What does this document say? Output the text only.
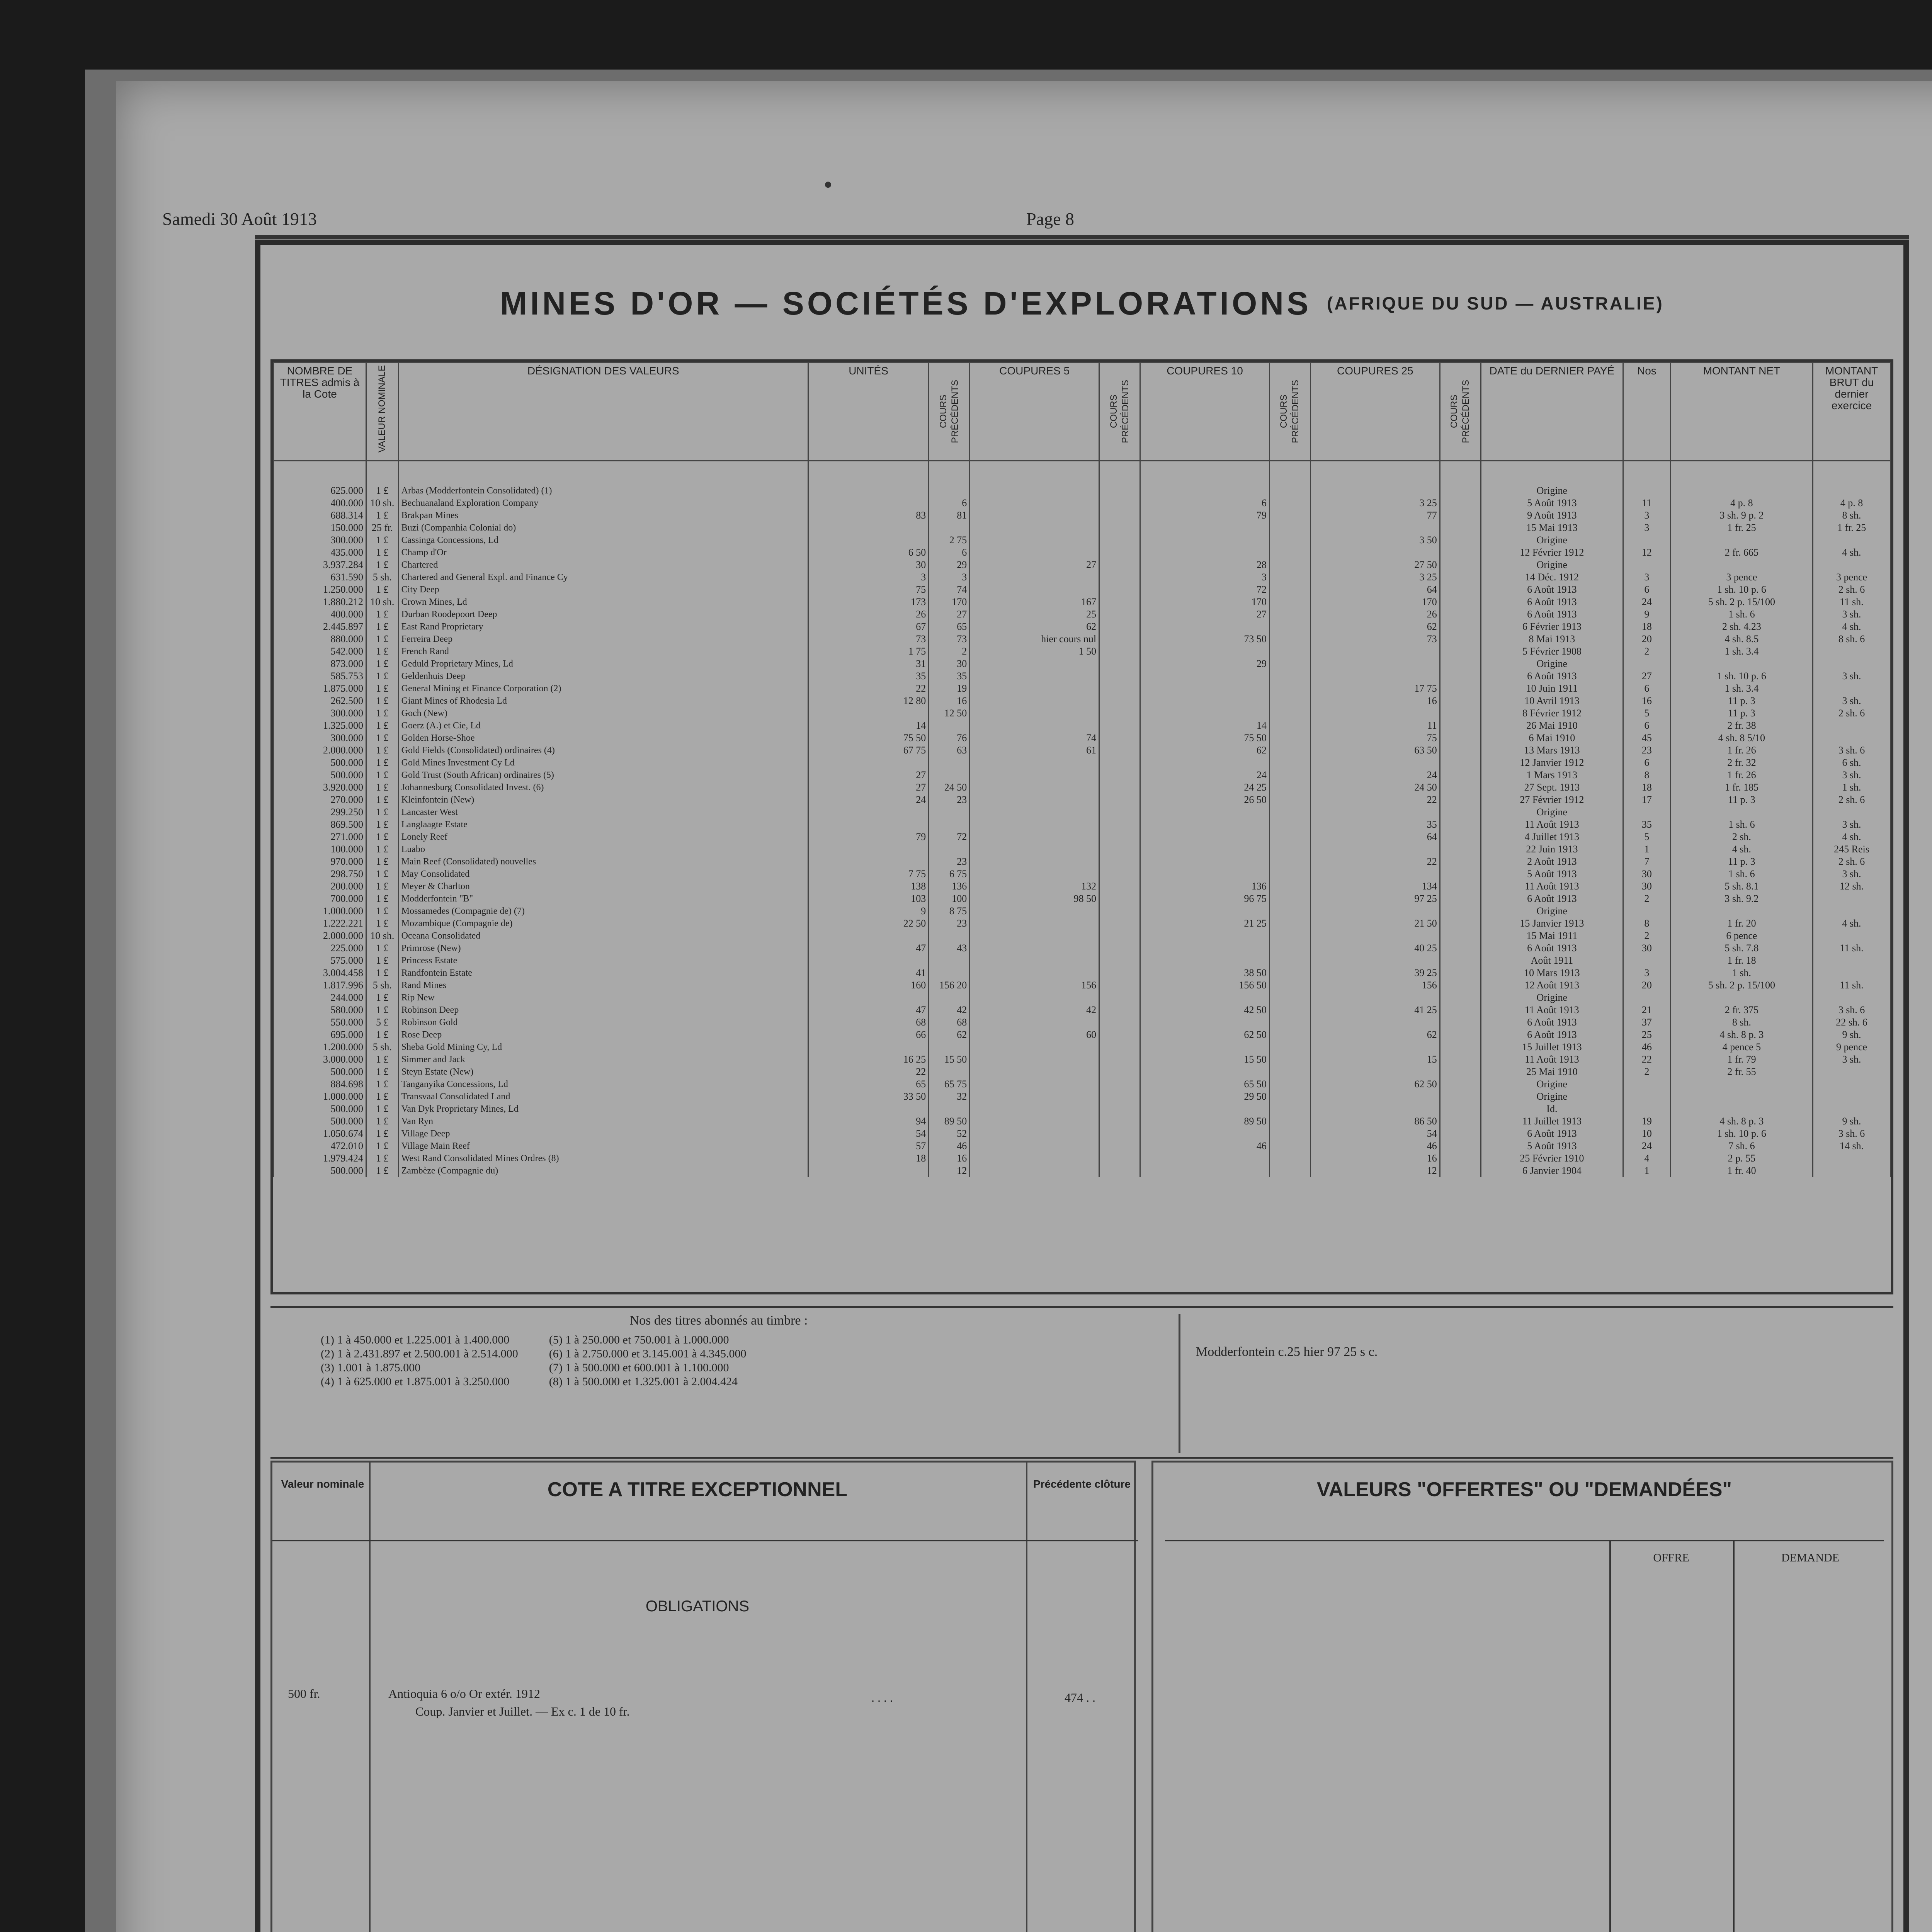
Samedi 30 Août 1913	Page 8
MINES D'OR — SOCIÉTÉS D'EXPLORATIONS (AFRIQUE DU SUD — AUSTRALIE)
NOMBRE DE TITRES admis à la Cote	VALEUR NOMINALE	DÉSIGNATION DES VALEURS	UNITÉS	COURS PRÉCÉDENTS	COUPURES 5	COURS PRÉCÉDENTS	COUPURES 10	COURS PRÉCÉDENTS	COUPURES 25	COURS PRÉCÉDENTS	DATE du DERNIER PAYÉ	Nos	MONTANT NET	MONTANT BRUT du dernier exercice
625.000	1 £	Arbas (Modderfontein Consolidated) (1)									Origine			
400.000	10 sh.	Bechuanaland Exploration Company		6			6		3 25		5 Août 1913	11	4 p. 8	4 p. 8
688.314	1 £	Brakpan Mines	83	81			79		77		9 Août 1913	3	3 sh. 9 p. 2	8 sh.
150.000	25 fr.	Buzi (Companhia Colonial do)									15 Mai 1913	3	1 fr. 25	1 fr. 25
300.000	1 £	Cassinga Concessions, Ld		2 75					3 50		Origine			
435.000	1 £	Champ d'Or	6 50	6							12 Février 1912	12	2 fr. 665	4 sh.
3.937.284	1 £	Chartered	30	29	27		28		27 50		Origine			
631.590	5 sh.	Chartered and General Expl. and Finance Cy	3	3			3		3 25		14 Déc. 1912	3	3 pence	3 pence
1.250.000	1 £	City Deep	75	74			72		64		6 Août 1913	6	1 sh. 10 p. 6	2 sh. 6
1.880.212	10 sh.	Crown Mines, Ld	173	170	167		170		170		6 Août 1913	24	5 sh. 2 p. 15/100	11 sh.
400.000	1 £	Durban Roodepoort Deep	26	27	25		27		26		6 Août 1913	9	1 sh. 6	3 sh.
2.445.897	1 £	East Rand Proprietary	67	65	62				62		6 Février 1913	18	2 sh. 4.23	4 sh.
880.000	1 £	Ferreira Deep	73	73	hier cours nul		73 50		73		8 Mai 1913	20	4 sh. 8.5	8 sh. 6
542.000	1 £	French Rand	1 75	2	1 50						5 Février 1908	2	1 sh. 3.4	
873.000	1 £	Geduld Proprietary Mines, Ld	31	30			29				Origine			
585.753	1 £	Geldenhuis Deep	35	35							6 Août 1913	27	1 sh. 10 p. 6	3 sh.
1.875.000	1 £	General Mining et Finance Corporation (2)	22	19					17 75		10 Juin 1911	6	1 sh. 3.4	
262.500	1 £	Giant Mines of Rhodesia Ld	12 80	16					16		10 Avril 1913	16	11 p. 3	3 sh.
300.000	1 £	Goch (New)		12 50							8 Février 1912	5	11 p. 3	2 sh. 6
1.325.000	1 £	Goerz (A.) et Cie, Ld	14				14		11		26 Mai 1910	6	2 fr. 38	
300.000	1 £	Golden Horse-Shoe	75 50	76	74		75 50		75		6 Mai 1910	45	4 sh. 8 5/10	
2.000.000	1 £	Gold Fields (Consolidated) ordinaires (4)	67 75	63	61		62		63 50		13 Mars 1913	23	1 fr. 26	3 sh. 6
500.000	1 £	Gold Mines Investment Cy Ld									12 Janvier 1912	6	2 fr. 32	6 sh.
500.000	1 £	Gold Trust (South African) ordinaires (5)	27				24		24		1 Mars 1913	8	1 fr. 26	3 sh.
3.920.000	1 £	Johannesburg Consolidated Invest. (6)	27	24 50			24 25		24 50		27 Sept. 1913	18	1 fr. 185	1 sh.
270.000	1 £	Kleinfontein (New)	24	23			26 50		22		27 Février 1912	17	11 p. 3	2 sh. 6
299.250	1 £	Lancaster West									Origine			
869.500	1 £	Langlaagte Estate							35		11 Août 1913	35	1 sh. 6	3 sh.
271.000	1 £	Lonely Reef	79	72					64		4 Juillet 1913	5	2 sh.	4 sh.
100.000	1 £	Luabo									22 Juin 1913	1	4 sh.	245 Reis
970.000	1 £	Main Reef (Consolidated) nouvelles		23					22		2 Août 1913	7	11 p. 3	2 sh. 6
298.750	1 £	May Consolidated	7 75	6 75							5 Août 1913	30	1 sh. 6	3 sh.
200.000	1 £	Meyer & Charlton	138	136	132		136		134		11 Août 1913	30	5 sh. 8.1	12 sh.
700.000	1 £	Modderfontein "B"	103	100	98 50		96 75		97 25		6 Août 1913	2	3 sh. 9.2	
1.000.000	1 £	Mossamedes (Compagnie de) (7)	9	8 75							Origine			
1.222.221	1 £	Mozambique (Compagnie de)	22 50	23			21 25		21 50		15 Janvier 1913	8	1 fr. 20	4 sh.
2.000.000	10 sh.	Oceana Consolidated									15 Mai 1911	2	6 pence	
225.000	1 £	Primrose (New)	47	43					40 25		6 Août 1913	30	5 sh. 7.8	11 sh.
575.000	1 £	Princess Estate									Août 1911		1 fr. 18	
3.004.458	1 £	Randfontein Estate	41				38 50		39 25		10 Mars 1913	3	1 sh.	
1.817.996	5 sh.	Rand Mines	160	156 20	156		156 50		156		12 Août 1913	20	5 sh. 2 p. 15/100	11 sh.
244.000	1 £	Rip New									Origine			
580.000	1 £	Robinson Deep	47	42	42		42 50		41 25		11 Août 1913	21	2 fr. 375	3 sh. 6
550.000	5 £	Robinson Gold	68	68							6 Août 1913	37	8 sh.	22 sh. 6
695.000	1 £	Rose Deep	66	62	60		62 50		62		6 Août 1913	25	4 sh. 8 p. 3	9 sh.
1.200.000	5 sh.	Sheba Gold Mining Cy, Ld									15 Juillet 1913	46	4 pence 5	9 pence
3.000.000	1 £	Simmer and Jack	16 25	15 50			15 50		15		11 Août 1913	22	1 fr. 79	3 sh.
500.000	1 £	Steyn Estate (New)	22								25 Mai 1910	2	2 fr. 55	
884.698	1 £	Tanganyika Concessions, Ld	65	65 75			65 50		62 50		Origine			
1.000.000	1 £	Transvaal Consolidated Land	33 50	32			29 50				Origine			
500.000	1 £	Van Dyk Proprietary Mines, Ld									Id.			
500.000	1 £	Van Ryn	94	89 50			89 50		86 50		11 Juillet 1913	19	4 sh. 8 p. 3	9 sh.
1.050.674	1 £	Village Deep	54	52					54		6 Août 1913	10	1 sh. 10 p. 6	3 sh. 6
472.010	1 £	Village Main Reef	57	46			46		46		5 Août 1913	24	7 sh. 6	14 sh.
1.979.424	1 £	West Rand Consolidated Mines Ordres (8)	18	16					16		25 Février 1910	4	2 p. 55	
500.000	1 £	Zambèze (Compagnie du)		12					12		6 Janvier 1904	1	1 fr. 40	
Nos des titres abonnés au timbre :
(1) 1 à 450.000 et 1.225.001 à 1.400.000
(2) 1 à 2.431.897 et 2.500.001 à 2.514.000
(3) 1.001 à 1.875.000
(4) 1 à 625.000 et 1.875.001 à 3.250.000
(5) 1 à 250.000 et 750.001 à 1.000.000
(6) 1 à 2.750.000 et 3.145.001 à 4.345.000
(7) 1 à 500.000 et 600.001 à 1.100.000
(8) 1 à 500.000 et 1.325.001 à 2.004.424
Modderfontein c.25 hier 97 25 s c.
Valeur nominale	COTE A TITRE EXCEPTIONNEL	Précédente clôture
OBLIGATIONS
500 fr.	Antioquia 6 o/o Or extér. 1912
Coup. Janvier et Juillet. — Ex c. 1 de 10 fr.
. . . .	474 . .
VALEURS "OFFERTES" OU "DEMANDÉES"
OFFRE	DEMANDE
